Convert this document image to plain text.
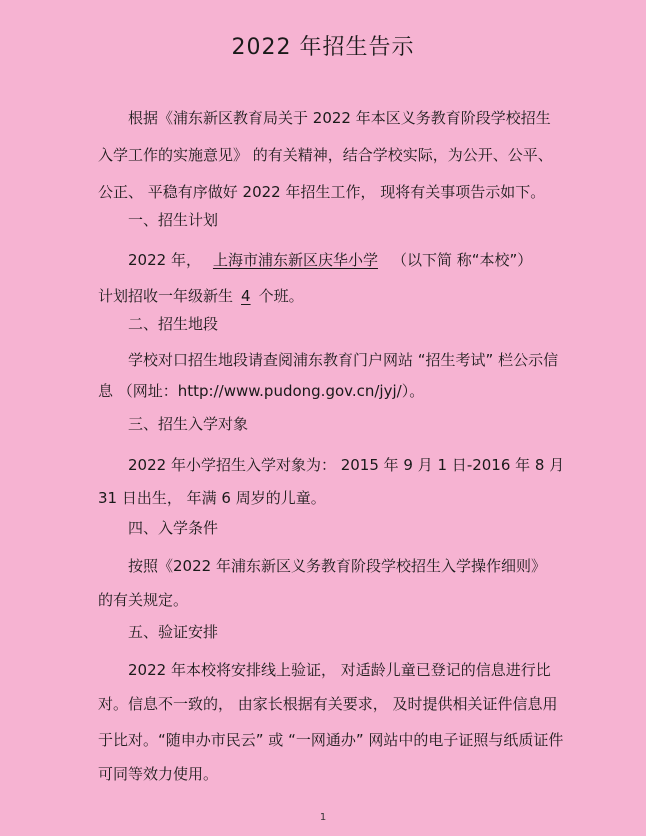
2022 年招生告示
根据《浦东新区教育局关于 2022 年本区义务教育阶段学校招生
入学工作的实施意见》 的有关精神，结合学校实际，为公开、公平、
公正、 平稳有序做好 2022 年招生工作， 现将有关事项告示如下。
一、招生计划
2022 年， 上海市浦东新区庆华小学 （以下简 称“本校”）
计划招收一年级新生 4 个班。
二、招生地段
学校对口招生地段请查阅浦东教育门户网站 “招生考试” 栏公示信
息 （网址：http://www.pudong.gov.cn/jyj/）。
三、招生入学对象
2022 年小学招生入学对象为： 2015 年 9 月 1 日-2016 年 8 月
31 日出生， 年满 6 周岁的儿童。
四、入学条件
按照《2022 年浦东新区义务教育阶段学校招生入学操作细则》
的有关规定。
五、验证安排
2022 年本校将安排线上验证， 对适龄儿童已登记的信息进行比
对。信息不一致的， 由家长根据有关要求， 及时提供相关证件信息用
于比对。“随申办市民云” 或 “一网通办” 网站中的电子证照与纸质证件
可同等效力使用。
1
